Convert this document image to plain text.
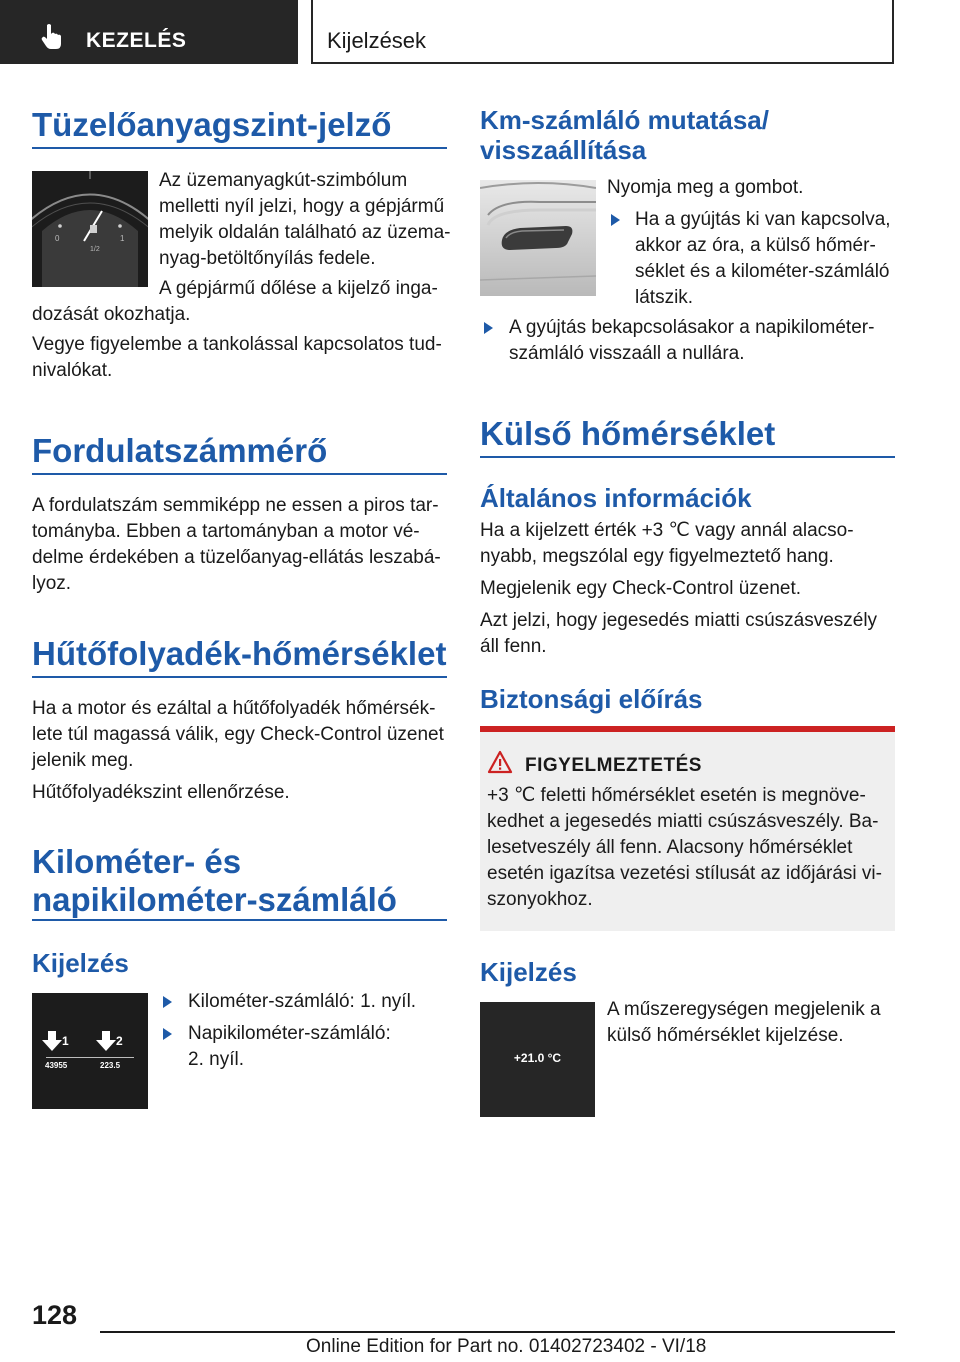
KEZELÉS	Kijelzések
Tüzelőanyagszint-jelző
0	1
1/2

Az üzemanyagkút-szimbólum

melletti nyíl jelzi, hogy a gépjármű

melyik oldalán található az üzema-

nyag-betöltőnyílás fedele.

A gépjármű dőlése a kijelző inga-

dozását okozhatja.

Vegye figyelembe a tankolással kapcsolatos tud-

nivalókat.

Fordulatszámmérő

A fordulatszám semmiképp ne essen a piros tar-

tományba. Ebben a tartományban a motor vé-

delme érdekében a tüzelőanyag-ellátás leszabá-

lyoz.

Hűtőfolyadék-hőmérséklet

Ha a motor és ezáltal a hűtőfolyadék hőmérsék-

lete túl magassá válik, egy Check-Control üzenet

jelenik meg.

Hűtőfolyadékszint ellenőrzése.

Kilométer- és
napikilométer-számláló
Kijelzés
1	2
43955	223.5

Kilométer-számláló: 1. nyíl.

Napikilométer-számláló:

2. nyíl.

Km-számláló mutatása/
visszaállítása

Nyomja meg a gombot.

Ha a gyújtás ki van kapcsolva,

akkor az óra, a külső hőmér-

séklet és a kilométer-számláló

látszik.

A gyújtás bekapcsolásakor a napikilométer-

számláló visszaáll a nullára.

Külső hőmérséklet
Általános információk

Ha a kijelzett érték +3 ℃ vagy annál alacso-

nyabb, megszólal egy figyelmeztető hang.

Megjelenik egy Check-Control üzenet.

Azt jelzi, hogy jegesedés miatti csúszásveszély

áll fenn.

Biztonsági előírás
FIGYELMEZTETÉS

+3 ℃ feletti hőmérséklet esetén is megnöve-

kedhet a jegesedés miatti csúszásveszély. Ba-

lesetveszély áll fenn. Alacsony hőmérséklet

esetén igazítsa vezetési stílusát az időjárási vi-

szonyokhoz.

Kijelzés
+21.0 °C

A műszeregységen megjelenik a

külső hőmérséklet kijelzése.

128
Online Edition for Part no. 01402723402 - VI/18
